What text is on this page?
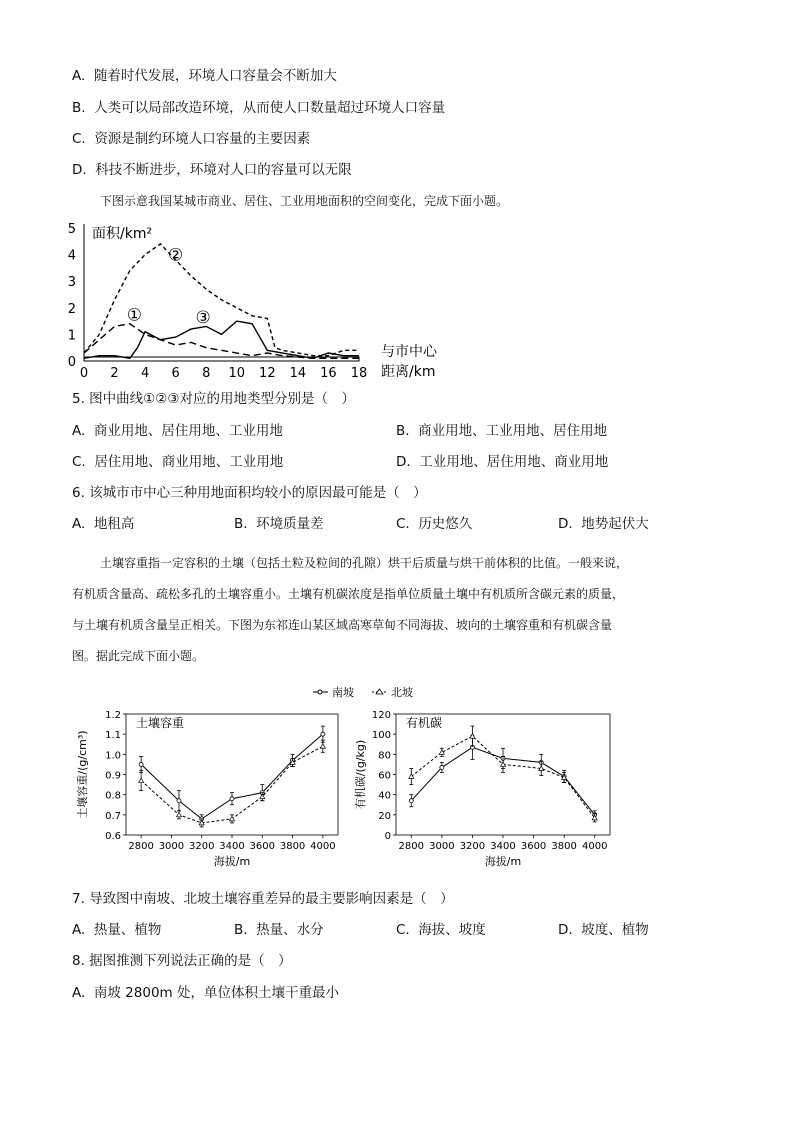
A. 随着时代发展，环境人口容量会不断加大
B. 人类可以局部改造环境，从而使人口数量超过环境人口容量
C. 资源是制约环境人口容量的主要因素
D. 科技不断进步，环境对人口的容量可以无限
下图示意我国某城市商业、居住、工业用地面积的空间变化，完成下面小题。
0
1
2
3
4
5
0 2 4 6 8 10 12 14 16 18
面积/km²
与市中心
距离/km
①
②
③
5. 图中曲线①②③对应的用地类型分别是（　）
A. 商业用地、居住用地、工业用地	B. 商业用地、工业用地、居住用地
C. 居住用地、商业用地、工业用地	D. 工业用地、居住用地、商业用地
6. 该城市市中心三种用地面积均较小的原因最可能是（　）
A. 地租高	B. 环境质量差	C. 历史悠久	D. 地势起伏大

土壤容重指一定容积的土壤（包括土粒及粒间的孔隙）烘干后质量与烘干前体积的比值。一般来说，

有机质含量高、疏松多孔的土壤容重小。土壤有机碳浓度是指单位质量土壤中有机质所含碳元素的质量，

与土壤有机质含量呈正相关。下图为东祁连山某区域高寒草甸不同海拔、坡向的土壤容重和有机碳含量

图。据此完成下面小题。

南坡	北坡
0.6
0.7
0.8
0.9
1.0
1.1
1.2
2800 3000 3200 3400 3600 3800 4000
土壤容重
土壤容重/(g/cm³)
海拔/m
0
20
40
60
80
100
120
2800 3000 3200 3400 3600 3800 4000
有机碳
有机碳/(g/kg)
海拔/m
7. 导致图中南坡、北坡土壤容重差异的最主要影响因素是（　）
A. 热量、植物	B. 热量、水分	C. 海拔、坡度	D. 坡度、植物
8. 据图推测下列说法正确的是（　）
A. 南坡 2800m 处，单位体积土壤干重最小
